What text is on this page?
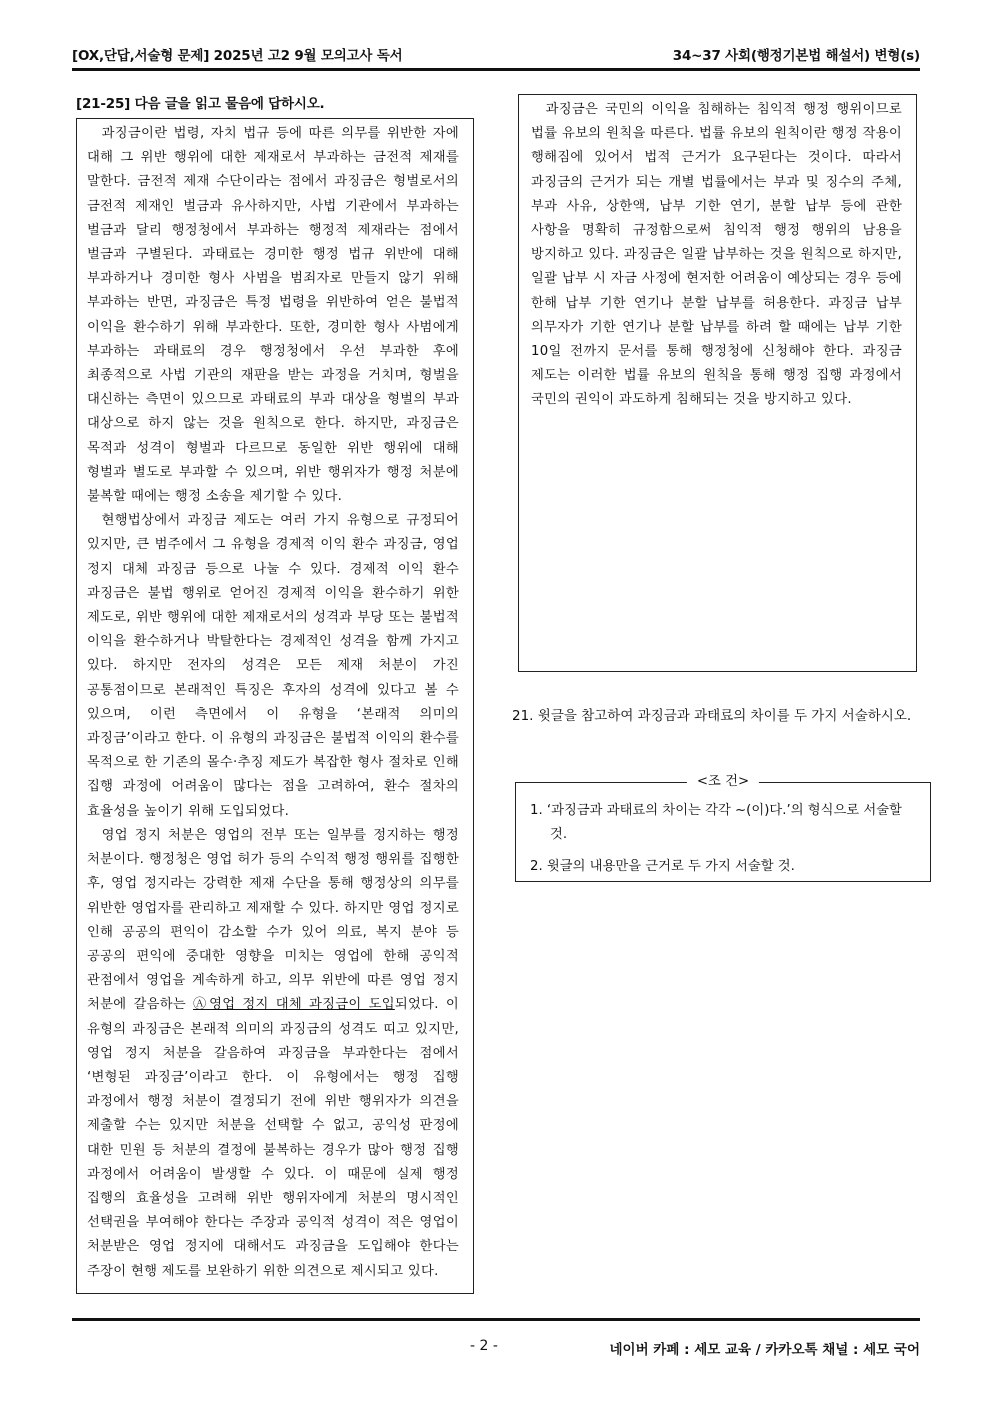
[OX,단답,서술형 문제] 2025년 고2 9월 모의고사 독서	34~37 사회(행정기본법 해설서) 변형(s)
[21-25] 다음 글을 읽고 물음에 답하시오.

과징금이란 법령, 자치 법규 등에 따른 의무를 위반한 자에 대해 그 위반 행위에 대한 제재로서 부과하는 금전적 제재를 말한다. 금전적 제재 수단이라는 점에서 과징금은 형벌로서의 금전적 제재인 벌금과 유사하지만, 사법 기관에서 부과하는 벌금과 달리 행정청에서 부과하는 행정적 제재라는 점에서 벌금과 구별된다. 과태료는 경미한 행정 법규 위반에 대해 부과하거나 경미한 형사 사범을 범죄자로 만들지 않기 위해 부과하는 반면, 과징금은 특정 법령을 위반하여 얻은 불법적 이익을 환수하기 위해 부과한다. 또한, 경미한 형사 사범에게 부과하는 과태료의 경우 행정청에서 우선 부과한 후에 최종적으로 사법 기관의 재판을 받는 과정을 거치며, 형벌을 대신하는 측면이 있으므로 과태료의 부과 대상을 형벌의 부과 대상으로 하지 않는 것을 원칙으로 한다. 하지만, 과징금은 목적과 성격이 형벌과 다르므로 동일한 위반 행위에 대해 형벌과 별도로 부과할 수 있으며, 위반 행위자가 행정 처분에 불복할 때에는 행정 소송을 제기할 수 있다.

현행법상에서 과징금 제도는 여러 가지 유형으로 규정되어 있지만, 큰 범주에서 그 유형을 경제적 이익 환수 과징금, 영업 정지 대체 과징금 등으로 나눌 수 있다. 경제적 이익 환수 과징금은 불법 행위로 얻어진 경제적 이익을 환수하기 위한 제도로, 위반 행위에 대한 제재로서의 성격과 부당 또는 불법적 이익을 환수하거나 박탈한다는 경제적인 성격을 함께 가지고 있다. 하지만 전자의 성격은 모든 제재 처분이 가진 공통점이므로 본래적인 특징은 후자의 성격에 있다고 볼 수 있으며, 이런 측면에서 이 유형을 ‘본래적 의미의 과징금’이라고 한다. 이 유형의 과징금은 불법적 이익의 환수를 목적으로 한 기존의 몰수·추징 제도가 복잡한 형사 절차로 인해 집행 과정에 어려움이 많다는 점을 고려하여, 환수 절차의 효율성을 높이기 위해 도입되었다.

영업 정지 처분은 영업의 전부 또는 일부를 정지하는 행정 처분이다. 행정청은 영업 허가 등의 수익적 행정 행위를 집행한 후, 영업 정지라는 강력한 제재 수단을 통해 행정상의 의무를 위반한 영업자를 관리하고 제재할 수 있다. 하지만 영업 정지로 인해 공공의 편익이 감소할 수가 있어 의료, 복지 분야 등 공공의 편익에 중대한 영향을 미치는 영업에 한해 공익적 관점에서 영업을 계속하게 하고, 의무 위반에 따른 영업 정지 처분에 갈음하는 Ⓐ영업 정지 대체 과징금이 도입되었다. 이 유형의 과징금은 본래적 의미의 과징금의 성격도 띠고 있지만, 영업 정지 처분을 갈음하여 과징금을 부과한다는 점에서 ‘변형된 과징금’이라고 한다. 이 유형에서는 행정 집행 과정에서 행정 처분이 결정되기 전에 위반 행위자가 의견을 제출할 수는 있지만 처분을 선택할 수 없고, 공익성 판정에 대한 민원 등 처분의 결정에 불복하는 경우가 많아 행정 집행 과정에서 어려움이 발생할 수 있다. 이 때문에 실제 행정 집행의 효율성을 고려해 위반 행위자에게 처분의 명시적인 선택권을 부여해야 한다는 주장과 공익적 성격이 적은 영업이 처분받은 영업 정지에 대해서도 과징금을 도입해야 한다는 주장이 현행 제도를 보완하기 위한 의견으로 제시되고 있다.

과징금은 국민의 이익을 침해하는 침익적 행정 행위이므로 법률 유보의 원칙을 따른다. 법률 유보의 원칙이란 행정 작용이 행해짐에 있어서 법적 근거가 요구된다는 것이다. 따라서 과징금의 근거가 되는 개별 법률에서는 부과 및 징수의 주체, 부과 사유, 상한액, 납부 기한 연기, 분할 납부 등에 관한 사항을 명확히 규정함으로써 침익적 행정 행위의 남용을 방지하고 있다. 과징금은 일괄 납부하는 것을 원칙으로 하지만, 일괄 납부 시 자금 사정에 현저한 어려움이 예상되는 경우 등에 한해 납부 기한 연기나 분할 납부를 허용한다. 과징금 납부 의무자가 기한 연기나 분할 납부를 하려 할 때에는 납부 기한 10일 전까지 문서를 통해 행정청에 신청해야 한다. 과징금 제도는 이러한 법률 유보의 원칙을 통해 행정 집행 과정에서 국민의 권익이 과도하게 침해되는 것을 방지하고 있다.

21. 윗글을 참고하여 과징금과 과태료의 차이를 두 가지 서술하시오.
<조 건>
1. ‘과징금과 과태료의 차이는 각각 ~(이)다.’의 형식으로 서술할 것.
2. 윗글의 내용만을 근거로 두 가지 서술할 것.
- 2 -	네이버 카페 : 세모 교육 / 카카오톡 채널 : 세모 국어
